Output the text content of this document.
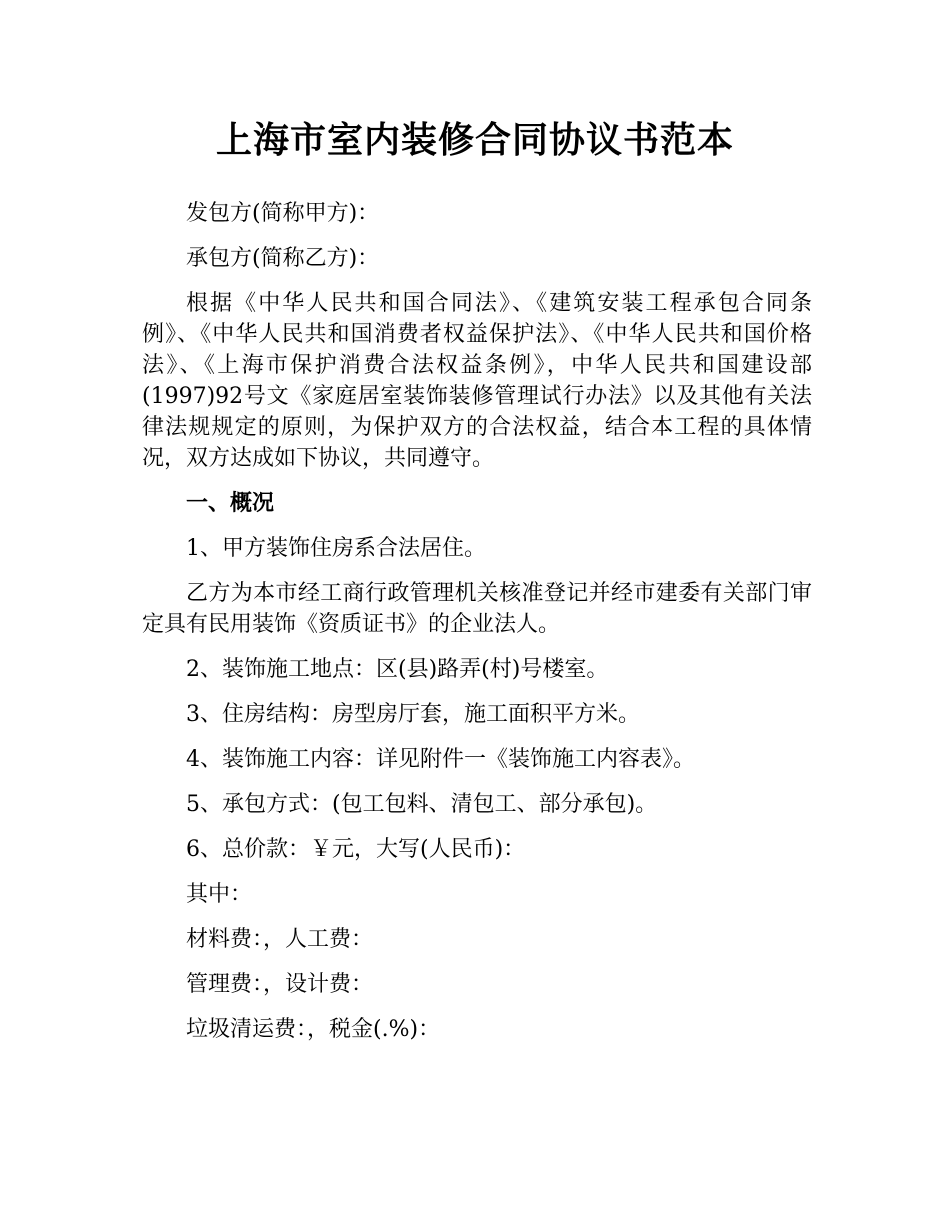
上海市室内装修合同协议书范本

发包方(简称甲方)：

承包方(简称乙方)：

根据《中华人民共和国合同法》、《建筑安装工程承包合同条例》、《中华人民共和国消费者权益保护法》、《中华人民共和国价格法》、《上海市保护消费合法权益条例》，中华人民共和国建设部(1997)92号文《家庭居室装饰装修管理试行办法》以及其他有关法律法规规定的原则，为保护双方的合法权益，结合本工程的具体情况，双方达成如下协议，共同遵守。

一、概况

1、甲方装饰住房系合法居住。

乙方为本市经工商行政管理机关核准登记并经市建委有关部门审定具有民用装饰《资质证书》的企业法人。

2、装饰施工地点：区(县)路弄(村)号楼室。

3、住房结构：房型房厅套，施工面积平方米。

4、装饰施工内容：详见附件一《装饰施工内容表》。

5、承包方式：(包工包料、清包工、部分承包)。

6、总价款：￥元，大写(人民币)：

其中：

材料费：，人工费：

管理费：，设计费：

垃圾清运费：，税金(.%)：
